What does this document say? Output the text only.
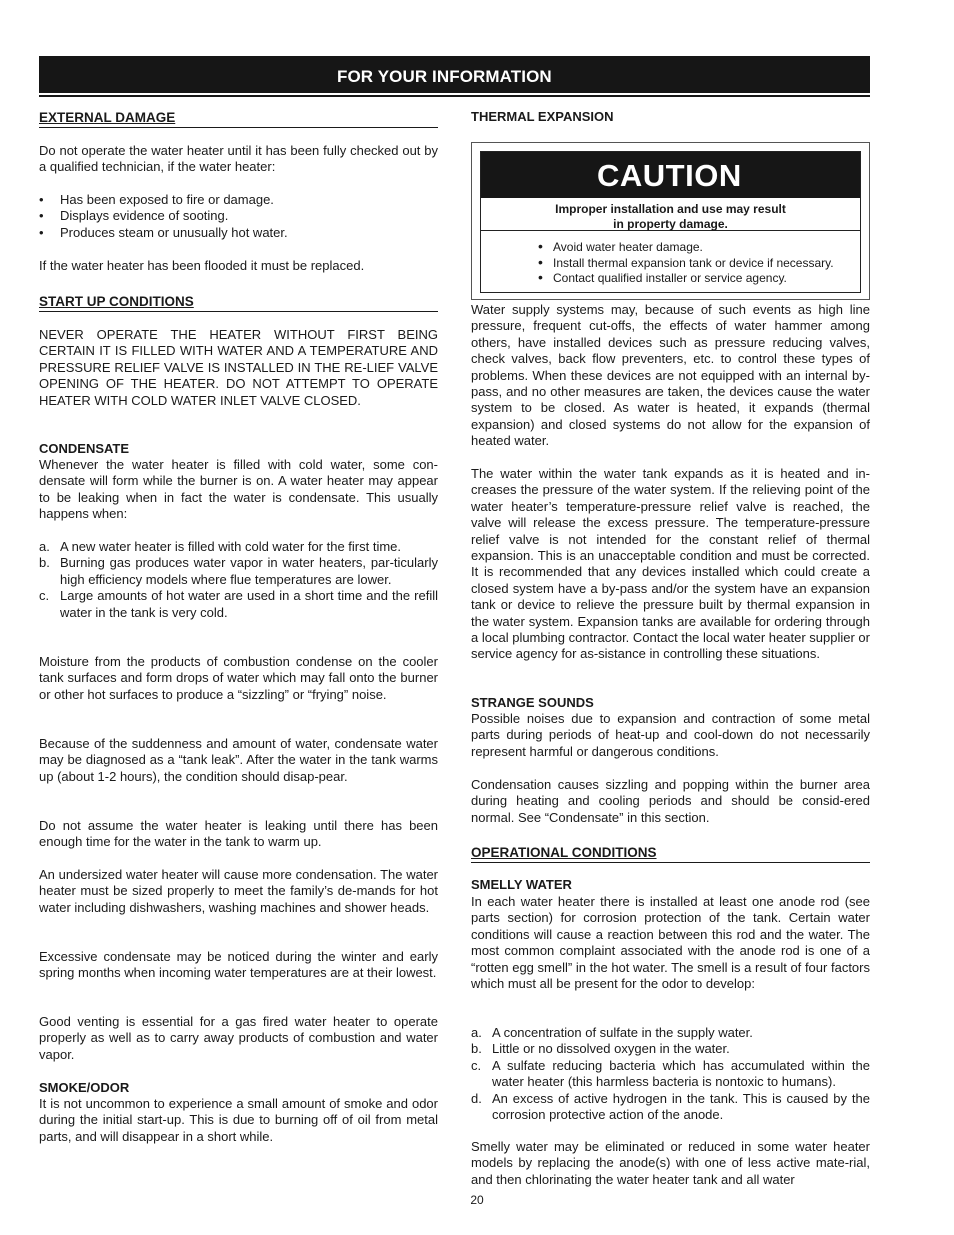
FOR YOUR INFORMATION
EXTERNAL DAMAGE

Do not operate the water heater until it has been fully checked out by a qualified technician, if the water heater:

• Has been exposed to fire or damage.
• Displays evidence of sooting.
• Produces steam or unusually hot water.

If the water heater has been flooded it must be replaced.

START UP CONDITIONS

NEVER OPERATE THE HEATER WITHOUT FIRST BEING CERTAIN IT IS FILLED WITH WATER AND A TEMPERATURE AND PRESSURE RELIEF VALVE IS INSTALLED IN THE RE-LIEF VALVE OPENING OF THE HEATER. DO NOT ATTEMPT TO OPERATE HEATER WITH COLD WATER INLET VALVE CLOSED.

CONDENSATE

Whenever the water heater is filled with cold water, some con-densate will form while the burner is on. A water heater may appear to be leaking when in fact the water is condensate. This usually happens when:

a. A new water heater is filled with cold water for the first time.
b. Burning gas produces water vapor in water heaters, par-ticularly high efficiency models where flue temperatures are lower.
c. Large amounts of hot water are used in a short time and the refill water in the tank is very cold.

Moisture from the products of combustion condense on the cooler tank surfaces and form drops of water which may fall onto the burner or other hot surfaces to produce a “sizzling” or “frying” noise.

Because of the suddenness and amount of water, condensate water may be diagnosed as a “tank leak”. After the water in the tank warms up (about 1-2 hours), the condition should disap-pear.

Do not assume the water heater is leaking until there has been enough time for the water in the tank to warm up.

An undersized water heater will cause more condensation. The water heater must be sized properly to meet the family’s de-mands for hot water including dishwashers, washing machines and shower heads.

Excessive condensate may be noticed during the winter and early spring months when incoming water temperatures are at their lowest.

Good venting is essential for a gas fired water heater to operate properly as well as to carry away products of combustion and water vapor.

SMOKE/ODOR

It is not uncommon to experience a small amount of smoke and odor during the initial start-up. This is due to burning off of oil from metal parts, and will disappear in a short while.

THERMAL EXPANSION

Water supply systems may, because of such events as high line pressure, frequent cut-offs, the effects of water hammer among others, have installed devices such as pressure reducing valves, check valves, back flow preventers, etc. to control these types of problems. When these devices are not equipped with an internal by-pass, and no other measures are taken, the devices cause the water system to be closed. As water is heated, it expands (thermal expansion) and closed systems do not allow for the expansion of heated water.

The water within the water tank expands as it is heated and in-creases the pressure of the water system. If the relieving point of the water heater’s temperature-pressure relief valve is reached, the valve will release the excess pressure. The temperature-pressure relief valve is not intended for the constant relief of thermal expansion. This is an unacceptable condition and must be corrected. It is recommended that any devices installed which could create a closed system have a by-pass and/or the system have an expansion tank or device to relieve the pressure built by thermal expansion in the water system. Expansion tanks are available for ordering through a local plumbing contractor. Contact the local water heater supplier or service agency for as-sistance in controlling these situations.

STRANGE SOUNDS

Possible noises due to expansion and contraction of some metal parts during periods of heat-up and cool-down do not necessarily represent harmful or dangerous conditions.

Condensation causes sizzling and popping within the burner area during heating and cooling periods and should be consid-ered normal. See “Condensate” in this section.

OPERATIONAL CONDITIONS
SMELLY WATER

In each water heater there is installed at least one anode rod (see parts section) for corrosion protection of the tank. Certain water conditions will cause a reaction between this rod and the water. The most common complaint associated with the anode rod is one of a “rotten egg smell” in the hot water. The smell is a result of four factors which must all be present for the odor to develop:

a. A concentration of sulfate in the supply water.
b. Little or no dissolved oxygen in the water.
c. A sulfate reducing bacteria which has accumulated within the water heater (this harmless bacteria is nontoxic to humans).
d. An excess of active hydrogen in the tank. This is caused by the corrosion protective action of the anode.

Smelly water may be eliminated or reduced in some water heater models by replacing the anode(s) with one of less active mate-rial, and then chlorinating the water heater tank and all water

CAUTION
Improper installation and use may result
in property damage.
• Avoid water heater damage.
• Install thermal expansion tank or device if necessary.
• Contact qualified installer or service agency.
20
